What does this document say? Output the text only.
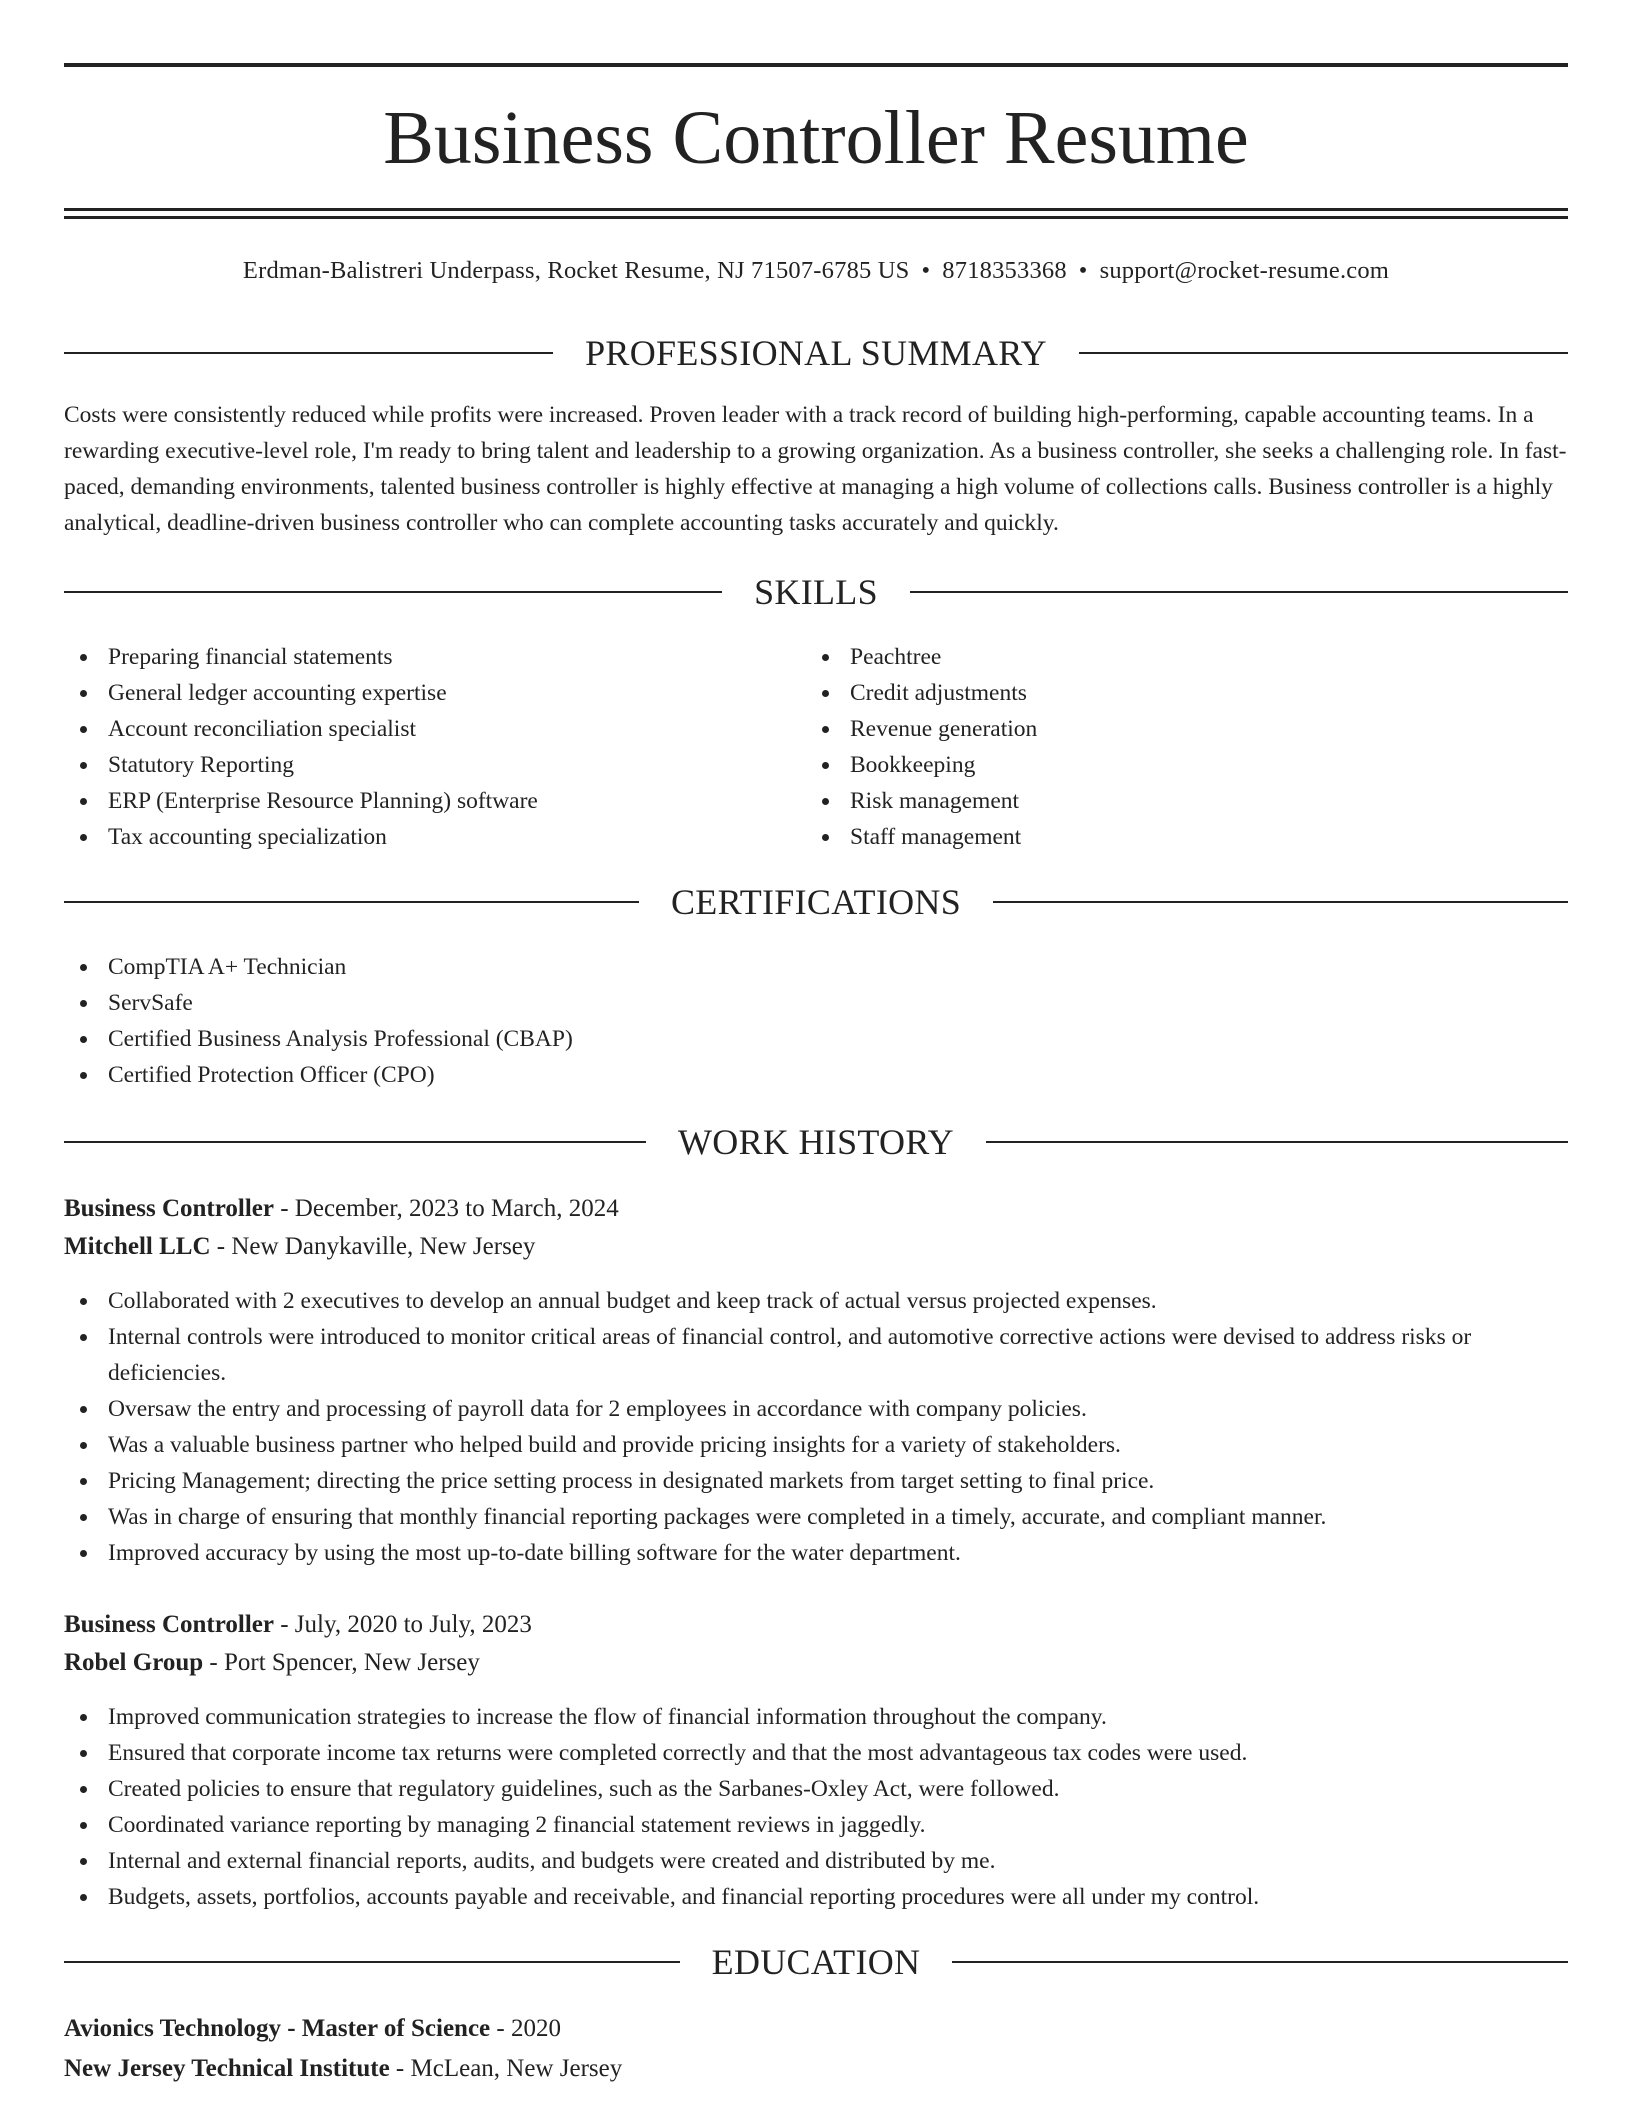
Business Controller Resume
Erdman-Balistreri Underpass, Rocket Resume, NJ 71507-6785 US • 8718353368 • support@rocket-resume.com
PROFESSIONAL SUMMARY

Costs were consistently reduced while profits were increased. Proven leader with a track record of building high-performing, capable accounting teams. In a rewarding executive-level role, I'm ready to bring talent and leadership to a growing organization. As a business controller, she seeks a challenging role. In fast-paced, demanding environments, talented business controller is highly effective at managing a high volume of collections calls. Business controller is a highly analytical, deadline-driven business controller who can complete accounting tasks accurately and quickly.

SKILLS
Preparing financial statements
General ledger accounting expertise
Account reconciliation specialist
Statutory Reporting
ERP (Enterprise Resource Planning) software
Tax accounting specialization
Peachtree
Credit adjustments
Revenue generation
Bookkeeping
Risk management
Staff management
CERTIFICATIONS
CompTIA A+ Technician
ServSafe
Certified Business Analysis Professional (CBAP)
Certified Protection Officer (CPO)
WORK HISTORY
Business Controller - December, 2023 to March, 2024
Mitchell LLC - New Danykaville, New Jersey
Collaborated with 2 executives to develop an annual budget and keep track of actual versus projected expenses.
Internal controls were introduced to monitor critical areas of financial control, and automotive corrective actions were devised to address risks or deficiencies.
Oversaw the entry and processing of payroll data for 2 employees in accordance with company policies.
Was a valuable business partner who helped build and provide pricing insights for a variety of stakeholders.
Pricing Management; directing the price setting process in designated markets from target setting to final price.
Was in charge of ensuring that monthly financial reporting packages were completed in a timely, accurate, and compliant manner.
Improved accuracy by using the most up-to-date billing software for the water department.
Business Controller - July, 2020 to July, 2023
Robel Group - Port Spencer, New Jersey
Improved communication strategies to increase the flow of financial information throughout the company.
Ensured that corporate income tax returns were completed correctly and that the most advantageous tax codes were used.
Created policies to ensure that regulatory guidelines, such as the Sarbanes-Oxley Act, were followed.
Coordinated variance reporting by managing 2 financial statement reviews in jaggedly.
Internal and external financial reports, audits, and budgets were created and distributed by me.
Budgets, assets, portfolios, accounts payable and receivable, and financial reporting procedures were all under my control.
EDUCATION
Avionics Technology - Master of Science - 2020
New Jersey Technical Institute - McLean, New Jersey
